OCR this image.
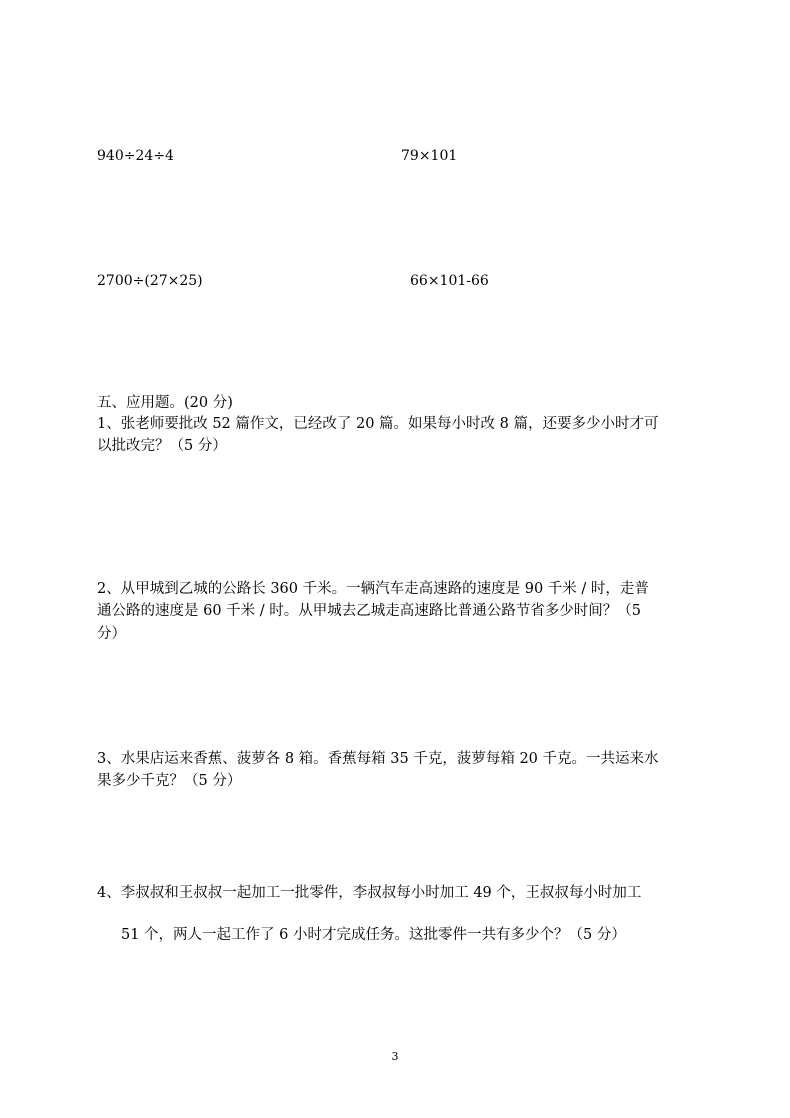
940÷24÷4	79×101
2700÷(27×25)	66×101-66
五、应用题。(20 分)
1、张老师要批改 52 篇作文，已经改了 20 篇。如果每小时改 8 篇，还要多少小时才可
以批改完？（5 分）
2、从甲城到乙城的公路长 360 千米。一辆汽车走高速路的速度是 90 千米 / 时，走普
通公路的速度是 60 千米 / 时。从甲城去乙城走高速路比普通公路节省多少时间？（5
分）
3、水果店运来香蕉、菠萝各 8 箱。香蕉每箱 35 千克，菠萝每箱 20 千克。一共运来水
果多少千克？（5 分）
4、李叔叔和王叔叔一起加工一批零件，李叔叔每小时加工 49 个，王叔叔每小时加工
51 个，两人一起工作了 6 小时才完成任务。这批零件一共有多少个？（5 分）
3
